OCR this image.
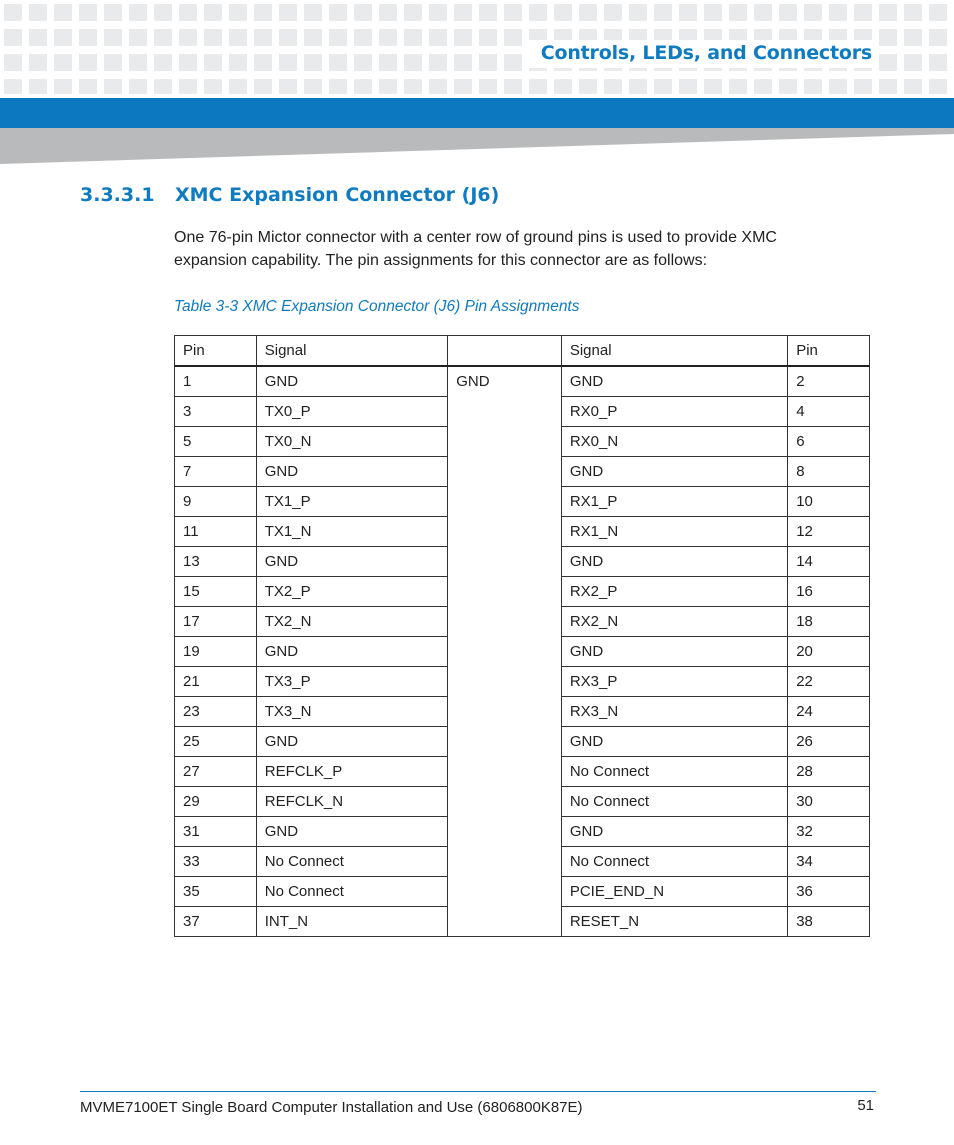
Controls, LEDs, and Connectors
3.3.3.1 XMC Expansion Connector (J6)
One 76-pin Mictor connector with a center row of ground pins is used to provide XMC expansion capability. The pin assignments for this connector are as follows:
Table 3-3 XMC Expansion Connector (J6) Pin Assignments
Pin	Signal		Signal	Pin
1	GND	GND	GND	2
3	TX0_P		RX0_P	4
5	TX0_N		RX0_N	6
7	GND		GND	8
9	TX1_P		RX1_P	10
11	TX1_N		RX1_N	12
13	GND		GND	14
15	TX2_P		RX2_P	16
17	TX2_N		RX2_N	18
19	GND		GND	20
21	TX3_P		RX3_P	22
23	TX3_N		RX3_N	24
25	GND		GND	26
27	REFCLK_P		No Connect	28
29	REFCLK_N		No Connect	30
31	GND		GND	32
33	No Connect		No Connect	34
35	No Connect		PCIE_END_N	36
37	INT_N		RESET_N	38
MVME7100ET Single Board Computer Installation and Use (6806800K87E)	51
